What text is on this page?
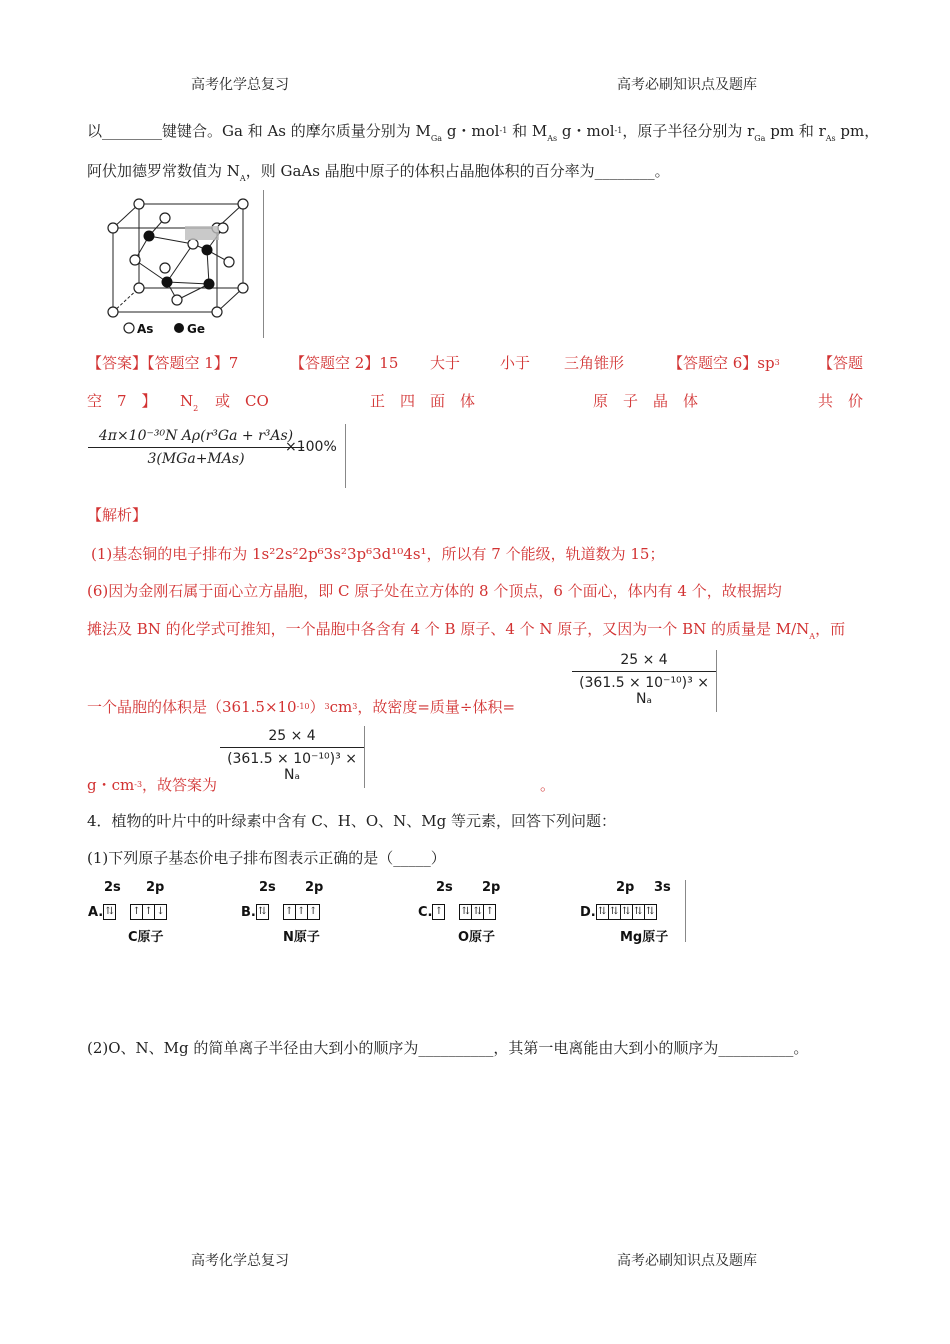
高考化学总复习	高考必刷知识点及题库
以________键键合。Ga 和 As 的摩尔质量分别为 $M_{Ga}$ g・mol$^{-1}$ 和 $M_{As}$ g・mol$^{-1}$，原子半径分别为 $r_{Ga}$ pm 和 $r_{As}$ pm，
阿伏加德罗常数值为 $N_A$，则 GaAs 晶胞中原子的体积占晶胞体积的百分率为________。
As	Ge
【答案】【答题空 1】7	【答题空 2】15 大于	小于 三角锥形	【答题空 6】$sp^3$	【答题
空　7　】 $N_2$ 或　CO	正　四　面　体	原　子　晶　体	共　价
4π×10⁻³⁰N Aρ(r³Ga + r³As)
3(MGa+MAs)
×100%
【解析】
(1)基态铜的电子排布为 1s²2s²2p⁶3s²3p⁶3d¹⁰4s¹，所以有 7 个能级，轨道数为 15；
(6)因为金刚石属于面心立方晶胞，即 C 原子处在立方体的 8 个顶点，6 个面心，体内有 4 个，故根据均
摊法及 BN 的化学式可推知，一个晶胞中各含有 4 个 B 原子、4 个 N 原子，又因为一个 BN 的质量是 $M/N_A$，而
一个晶胞的体积是$(361.5\times 10^{-10})^3cm^3$，故密度=质量÷体积=
25 × 4
(361.5 × 10⁻¹⁰)³ × Nₐ
25 × 4
(361.5 × 10⁻¹⁰)³ × Nₐ
g・$cm^{-3}$，故答案为	。
4．植物的叶片中的叶绿素中含有 C、H、O、N、Mg 等元素，回答下列问题：
(1)下列原子基态价电子排布图表示正确的是（_____）
2s 2p
A. ⇅ ↑ ↑ ↓
C原子
2s 2p
B. ⇅ ↑ ↑ ↑
N原子
2s 2p
C. ↑ ⇅ ⇅ ↑
O原子
2p 3s
D. ⇅ ⇅ ⇅ ⇅ ⇅
Mg原子
(2)O、N、Mg 的简单离子半径由大到小的顺序为__________，其第一电离能由大到小的顺序为__________。
高考化学总复习	高考必刷知识点及题库
